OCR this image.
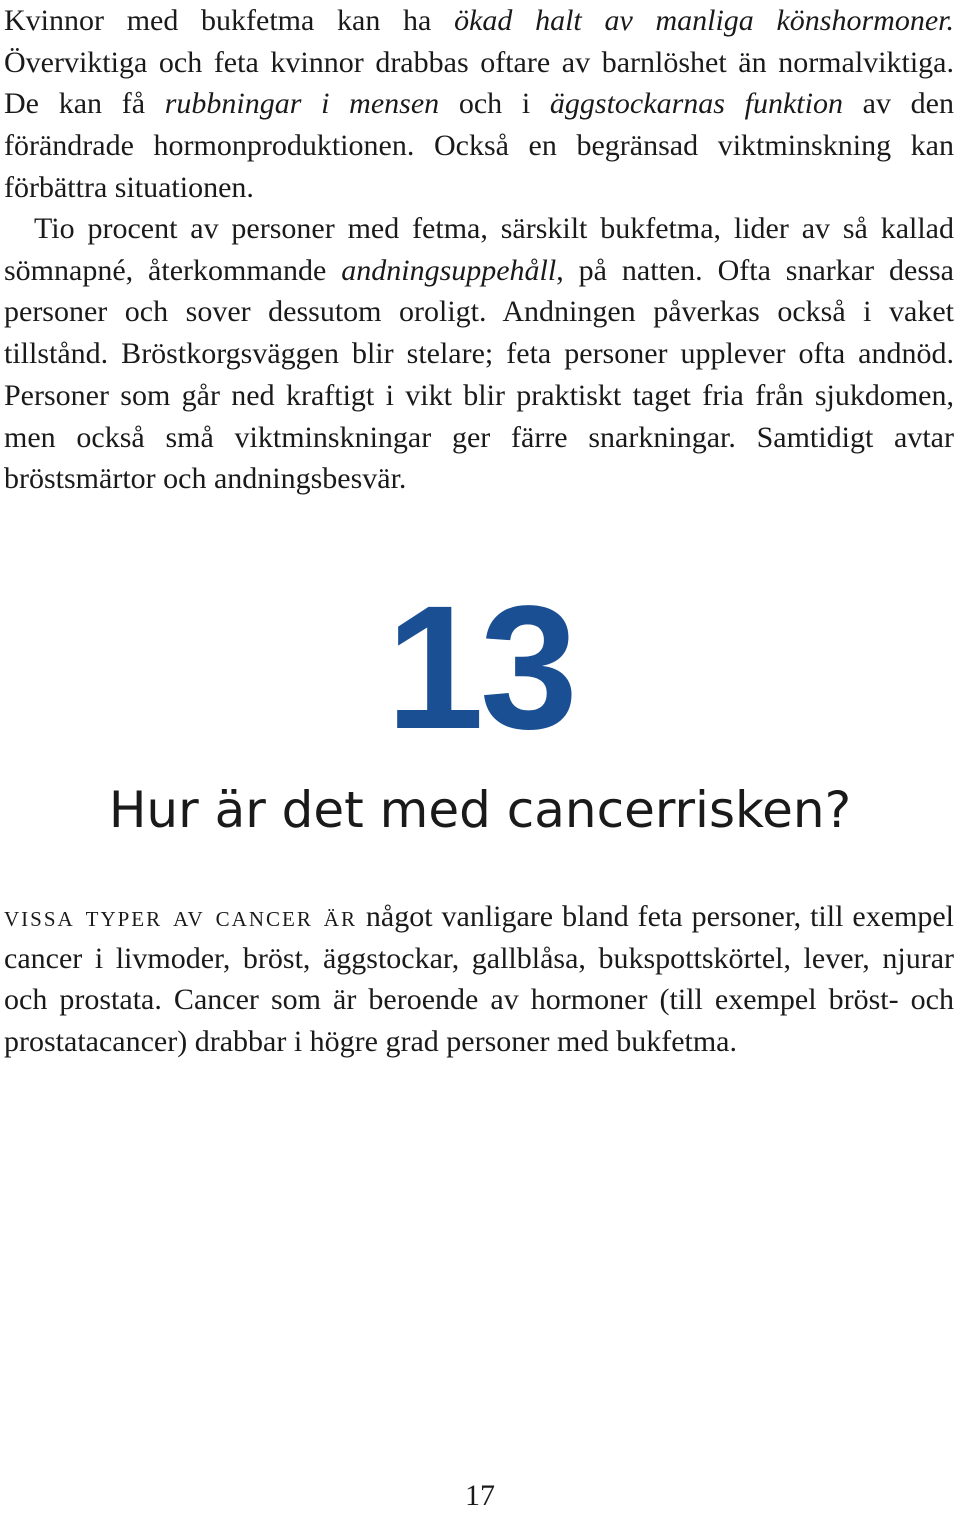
Kvinnor med bukfetma kan ha ökad halt av manliga könshormoner. Överviktiga och feta kvinnor drabbas oftare av barnlöshet än normalviktiga. De kan få rubbningar i mensen och i äggstockarnas funktion av den förändrade hormonproduktionen. Också en begränsad viktminskning kan förbättra situationen.

Tio procent av personer med fetma, särskilt bukfetma, lider av så kallad sömnapné, återkommande andningsuppehåll, på natten. Ofta snarkar dessa personer och sover dessutom oroligt. Andningen påverkas också i vaket tillstånd. Bröstkorgsväggen blir stelare; feta personer upplever ofta andnöd. Personer som går ned kraftigt i vikt blir praktiskt taget fria från sjukdomen, men också små viktminskningar ger färre snarkningar. Samtidigt avtar bröstsmärtor och andningsbesvär.

13
Hur är det med cancerrisken?

vissa typer av cancer är något vanligare bland feta personer, till exempel cancer i livmoder, bröst, äggstockar, gallblåsa, bukspottskörtel, lever, njurar och prostata. Cancer som är beroende av hormoner (till exempel bröst- och prostatacancer) drabbar i högre grad personer med bukfetma.

17
